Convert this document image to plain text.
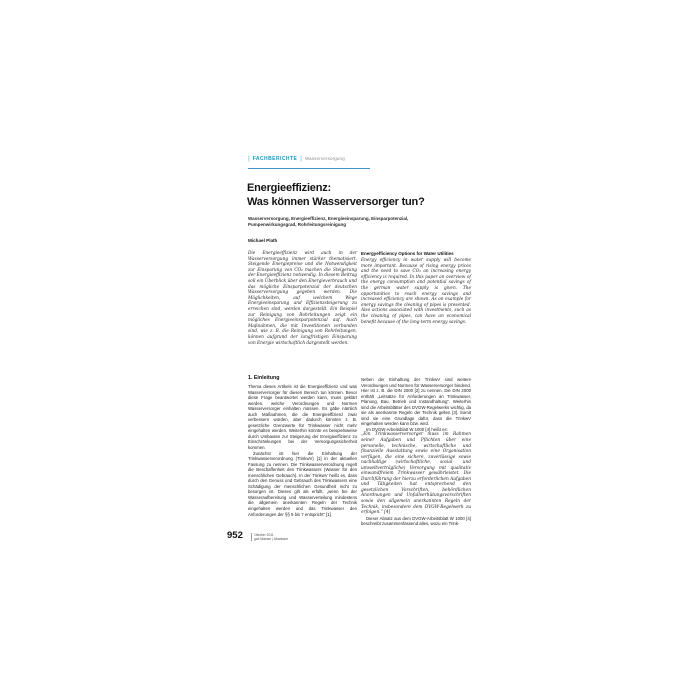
| FACHBERICHTE | Wasserversorgung
Energieeffizienz:
Was können Wasserversorger tun?
Wasserversorgung, Energieeffizienz, Energieeinsparung, Einsparpotenzial, Pumpenwirkungsgrad, Rohrleitungsreinigung
Michael Plath
Die Energieeffizienz wird auch in der Wasserversorgung immer stärker thematisiert. Steigende Energiepreise und die Notwendigkeit zur Einsparung von CO₂ machen die Steigerung der Energieeffizienz notwendig. In diesem Beitrag soll ein Überblick über den Energieverbrauch und das mögliche Einsparpotenzial der deutschen Wasserversorgung gegeben werden. Die Möglichkeiten, auf welchem Wege Energieeinsparung und Effizienzsteigerung zu erreichen sind, werden dargestellt. Ein Beispiel zur Reinigung von Rohrleitungen zeigt ein mögliches Energieeinsparpotenzial auf. Auch Maßnahmen, die mit Investitionen verbunden sind, wie z. B. die Reinigung von Rohrleitungen, können aufgrund der langfristigen Einsparung von Energie wirtschaftlich dargestellt werden.

Energyefficiency Options for Water Utilities

Energy efficiency in water supply will become more important. Because of rising energy prices and the need to save CO₂ an increasing energy efficiency is required. In this paper an overview of the energy consumption and potential savings of the german water supply is given. The opportunities to reach energy savings and increased efficiency are shown. As an example for energy savings the cleaning of pipes is presented. Also actions associated with investments, such as the cleaning of pipes, can have an economical benefit because of the long-term energy savings.
1. Einleitung

Thema dieses Artikels ist die Energieeffizienz und was Wasserversorger für diesen Bereich tun können. Bevor diese Frage beantwortet werden kann, muss geklärt werden, welche Verordnungen und Normen Wasserversorger einhalten müssen. Es gäbe nämlich auch Maßnahmen, die die Energieeffizienz zwar verbessern würden, aber dadurch könnten z. B. gesetzliche Grenzwerte für Trinkwasser nicht mehr eingehalten werden. Weiterhin könnte es beispielsweise durch Umbauten zur Steigerung der Energieeffizienz zu Einschränkungen bei der Versorgungssicherheit kommen.

Zunächst ist hier die Einhaltung der Trinkwasserverordnung (TrinkwV) [1] in der aktuellen Fassung zu nennen. Die Trinkwasserverordnung regelt die Beschaffenheit des Trinkwassers (Wasser für den menschlichen Gebrauch). In der TrinkwV heißt es, dass durch den Genuss und Gebrauch des Trinkwassers eine Schädigung der menschlichen Gesundheit nicht zu besorgen ist. Dieses gilt als erfüllt, „wenn bei der Wasseraufbereitung und Wasserverteilung mindestens die allgemein anerkannten Regeln der Technik eingehalten werden und das Trinkwasser den Anforderungen der §§ 5 bis 7 entspricht“ [1]

Neben der Einhaltung der TrinkwV sind weitere Verordnungen und Normen für Wasserversorger bindend. Hier ist z. B. die DIN 2000 [2] zu nennen. Die DIN 2000 enthält „Leitsätze für Anforderungen an Trinkwasser, Planung, Bau, Betrieb und Instandhaltung“. Weiterhin sind die Arbeitsblätter des DVGW-Regelwerks wichtig, da sie als anerkannte Regeln der Technik gelten [3]. Somit sind sie eine Grundlage dafür, dass die TrinkwV eingehalten werden kann bzw. wird.

Im DVGW-Arbeitsblatt W 1000 [4] heißt es:

„Ein Trinkwasserversorger muss im Rahmen seiner Aufgaben und Pflichten über eine personelle, technische, wirtschaftliche und finanzielle Ausstattung sowie eine Organisation verfügen, die eine sichere, zuverlässige sowie nachhaltige (wirtschaftliche, sozial- und umweltverträgliche) Versorgung mit qualitativ einwandfreiem Trinkwasser gewährleistet. Die Durchführung der hierzu erforderlichen Aufgaben und Tätigkeiten hat entsprechend den gesetzlichen Vorschriften, behördlichen Anordnungen und Unfallverhütungsvorschriften sowie den allgemein anerkannten Regeln der Technik, insbesondere dem DVGW-Regelwerk zu erfolgen.“ [4]

Dieser Absatz aus dem DVGW-Arbeitsblatt W 1000 [4] beschreibt zusammenfassend alles, wozu ein Trink-

952	Oktober 2011
gwf-Wasser | Abwasser
